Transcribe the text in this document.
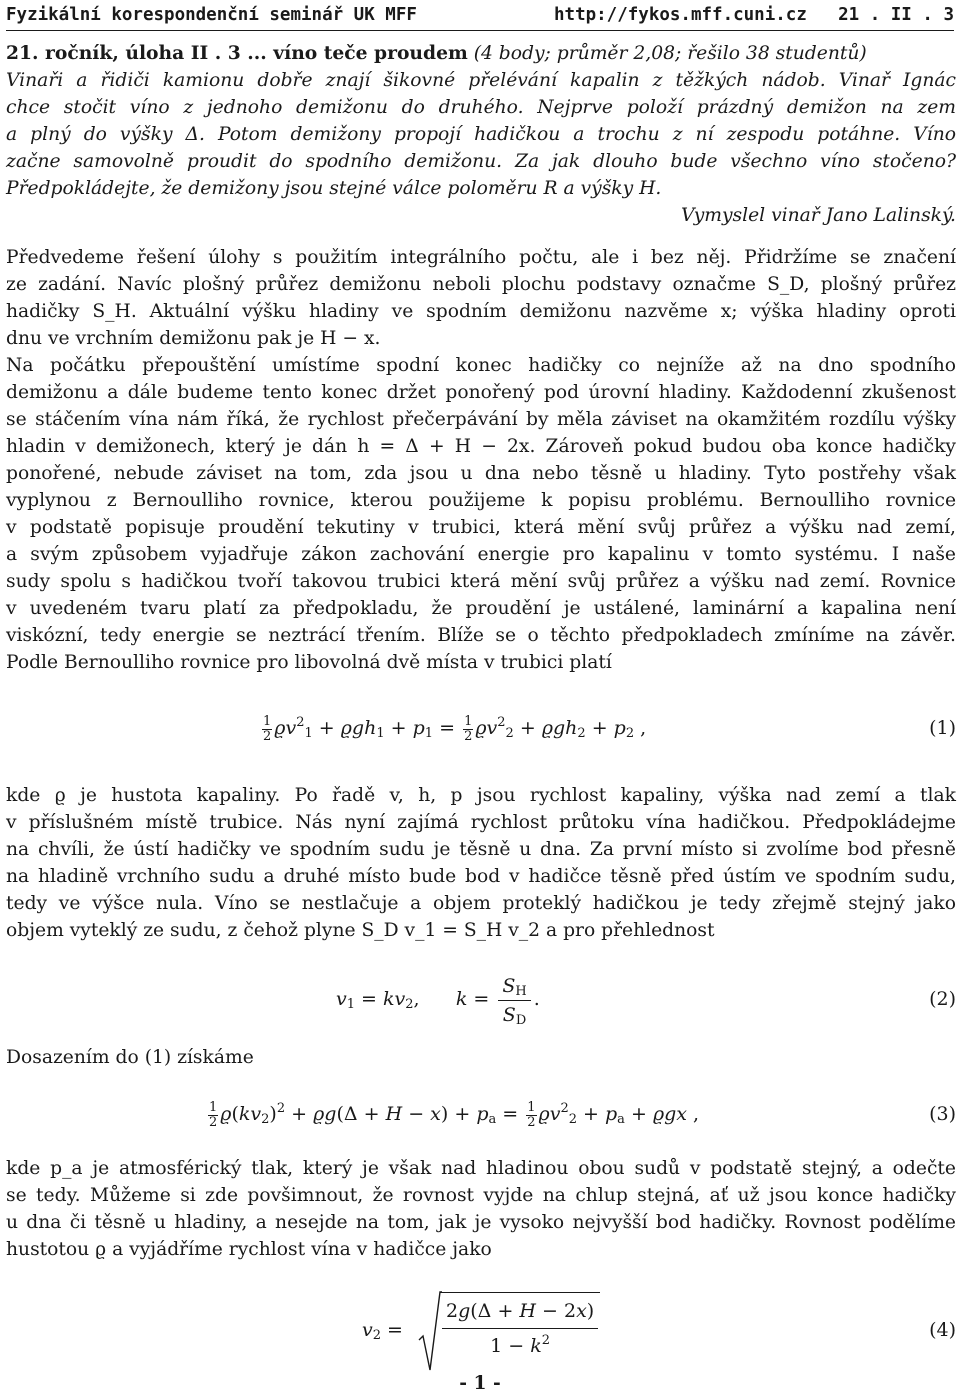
Fyzikální korespondenční seminář UK MFF	http://fykos.mff.cuni.cz 21 . II . 3
21. ročník, úloha II . 3 ... víno teče proudem (4 body; průměr 2,08; řešilo 38 studentů)
Vinaři a řidiči kamionu dobře znají šikovné přelévání kapalin z těžkých nádob. Vinař Ignác
chce stočit víno z jednoho demižonu do druhého. Nejprve položí prázdný demižon na zem
a plný do výšky Δ. Potom demižony propojí hadičkou a trochu z ní zespodu potáhne. Víno
začne samovolně proudit do spodního demižonu. Za jak dlouho bude všechno víno stočeno?
Předpokládejte, že demižony jsou stejné válce poloměru R a výšky H.
Vymyslel vinař Jano Lalinský.
Předvedeme řešení úlohy s použitím integrálního počtu, ale i bez něj. Přidržíme se značení
ze zadání. Navíc plošný průřez demižonu neboli plochu podstavy označme S_D, plošný průřez
hadičky S_H. Aktuální výšku hladiny ve spodním demižonu nazvěme x; výška hladiny oproti
dnu ve vrchním demižonu pak je H − x.
Na počátku přepouštění umístíme spodní konec hadičky co nejníže až na dno spodního
demižonu a dále budeme tento konec držet ponořený pod úrovní hladiny. Každodenní zkušenost
se stáčením vína nám říká, že rychlost přečerpávání by měla záviset na okamžitém rozdílu výšky
hladin v demižonech, který je dán h = Δ + H − 2x. Zároveň pokud budou oba konce hadičky
ponořené, nebude záviset na tom, zda jsou u dna nebo těsně u hladiny. Tyto postřehy však
vyplynou z Bernoulliho rovnice, kterou použijeme k popisu problému. Bernoulliho rovnice
v podstatě popisuje proudění tekutiny v trubici, která mění svůj průřez a výšku nad zemí,
a svým způsobem vyjadřuje zákon zachování energie pro kapalinu v tomto systému. I naše
sudy spolu s hadičkou tvoří takovou trubici která mění svůj průřez a výšku nad zemí. Rovnice
v uvedeném tvaru platí za předpokladu, že proudění je ustálené, laminární a kapalina není
viskózní, tedy energie se neztrácí třením. Blíže se o těchto předpokladech zmíníme na závěr.
Podle Bernoulliho rovnice pro libovolná dvě místa v trubici platí
$\frac{1}{2} ϱv^2_1 + ϱgh_1 + p_1 = \frac{1}{2} ϱv^2_2 + ϱgh_2 + p_2$ ,	(1)
kde ϱ je hustota kapaliny. Po řadě v, h, p jsou rychlost kapaliny, výška nad zemí a tlak
v příslušném místě trubice. Nás nyní zajímá rychlost průtoku vína hadičkou. Předpokládejme
na chvíli, že ústí hadičky ve spodním sudu je těsně u dna. Za první místo si zvolíme bod přesně
na hladině vrchního sudu a druhé místo bude bod v hadičce těsně před ústím ve spodním sudu,
tedy ve výšce nula. Víno se nestlačuje a objem proteklý hadičkou je tedy zřejmě stejný jako
objem vyteklý ze sudu, z čehož plyne S_D v_1 = S_H v_2 a pro přehlednost
$v_1 = kv_2$,      $k = \frac{S_H}{S_D}$ .	(2)
Dosazením do (1) získáme
$\frac{1}{2} ϱ(kv_2)^2 + ϱg(\Delta + H - x) + p_a = \frac{1}{2} ϱv^2_2 + p_a + ϱgx$ ,	(3)
kde p_a je atmosférický tlak, který je však nad hladinou obou sudů v podstatě stejný, a odečte
se tedy. Můžeme si zde povšimnout, že rovnost vyjde na chlup stejná, ať už jsou konce hadičky
u dna či těsně u hladiny, a nesejde na tom, jak je vysoko nejvyšší bod hadičky. Rovnost podělíme
hustotou ϱ a vyjádříme rychlost vína v hadičce jako
$v_2 = \frac{2g(\Delta + H - 2x)}{1 - k^2}$	(4)
- 1 -
